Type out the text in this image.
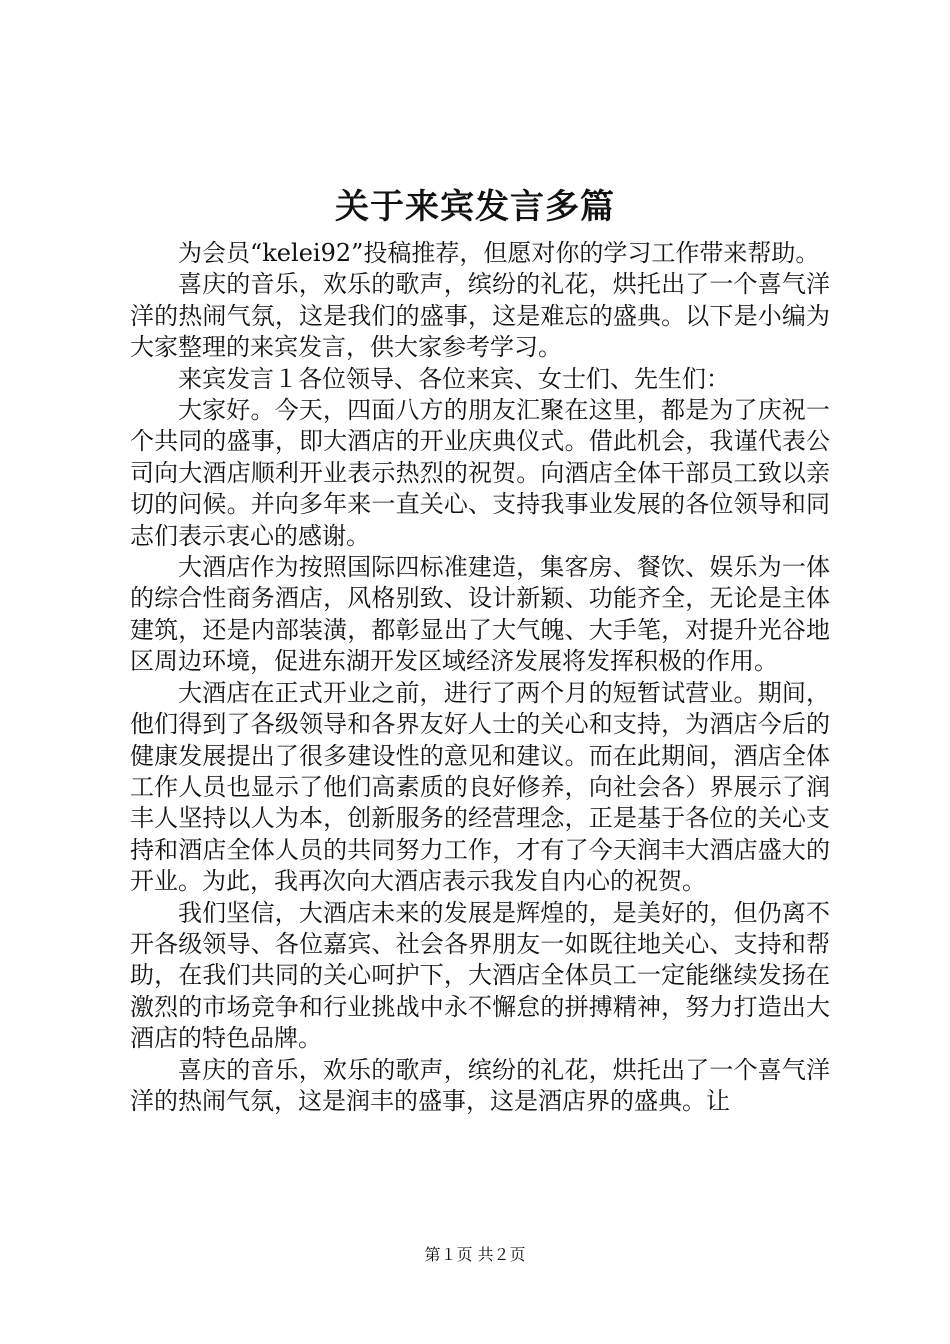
关于来宾发言多篇

为会员“kelei92”投稿推荐，但愿对你的学习工作带来帮助。

喜庆的音乐，欢乐的歌声，缤纷的礼花，烘托出了一个喜气洋洋的热闹气氛，这是我们的盛事，这是难忘的盛典。以下是小编为大家整理的来宾发言，供大家参考学习。

来宾发言１各位领导、各位来宾、女士们、先生们：

大家好。今天，四面八方的朋友汇聚在这里，都是为了庆祝一个共同的盛事，即大酒店的开业庆典仪式。借此机会，我谨代表公司向大酒店顺利开业表示热烈的祝贺。向酒店全体干部员工致以亲切的问候。并向多年来一直关心、支持我事业发展的各位领导和同志们表示衷心的感谢。

大酒店作为按照国际四标准建造，集客房、餐饮、娱乐为一体的综合性商务酒店，风格别致、设计新颖、功能齐全，无论是主体建筑，还是内部装潢，都彰显出了大气魄、大手笔，对提升光谷地区周边环境，促进东湖开发区域经济发展将发挥积极的作用。

大酒店在正式开业之前，进行了两个月的短暂试营业。期间，他们得到了各级领导和各界友好人士的关心和支持，为酒店今后的健康发展提出了很多建设性的意见和建议。而在此期间，酒店全体工作人员也显示了他们高素质的良好修养，向社会各）界展示了润丰人坚持以人为本，创新服务的经营理念，正是基于各位的关心支持和酒店全体人员的共同努力工作，才有了今天润丰大酒店盛大的开业。为此，我再次向大酒店表示我发自内心的祝贺。

我们坚信，大酒店未来的发展是辉煌的，是美好的，但仍离不开各级领导、各位嘉宾、社会各界朋友一如既往地关心、支持和帮助，在我们共同的关心呵护下，大酒店全体员工一定能继续发扬在激烈的市场竞争和行业挑战中永不懈怠的拼搏精神，努力打造出大酒店的特色品牌。

喜庆的音乐，欢乐的歌声，缤纷的礼花，烘托出了一个喜气洋洋的热闹气氛，这是润丰的盛事，这是酒店界的盛典。让

第１页 共２页
